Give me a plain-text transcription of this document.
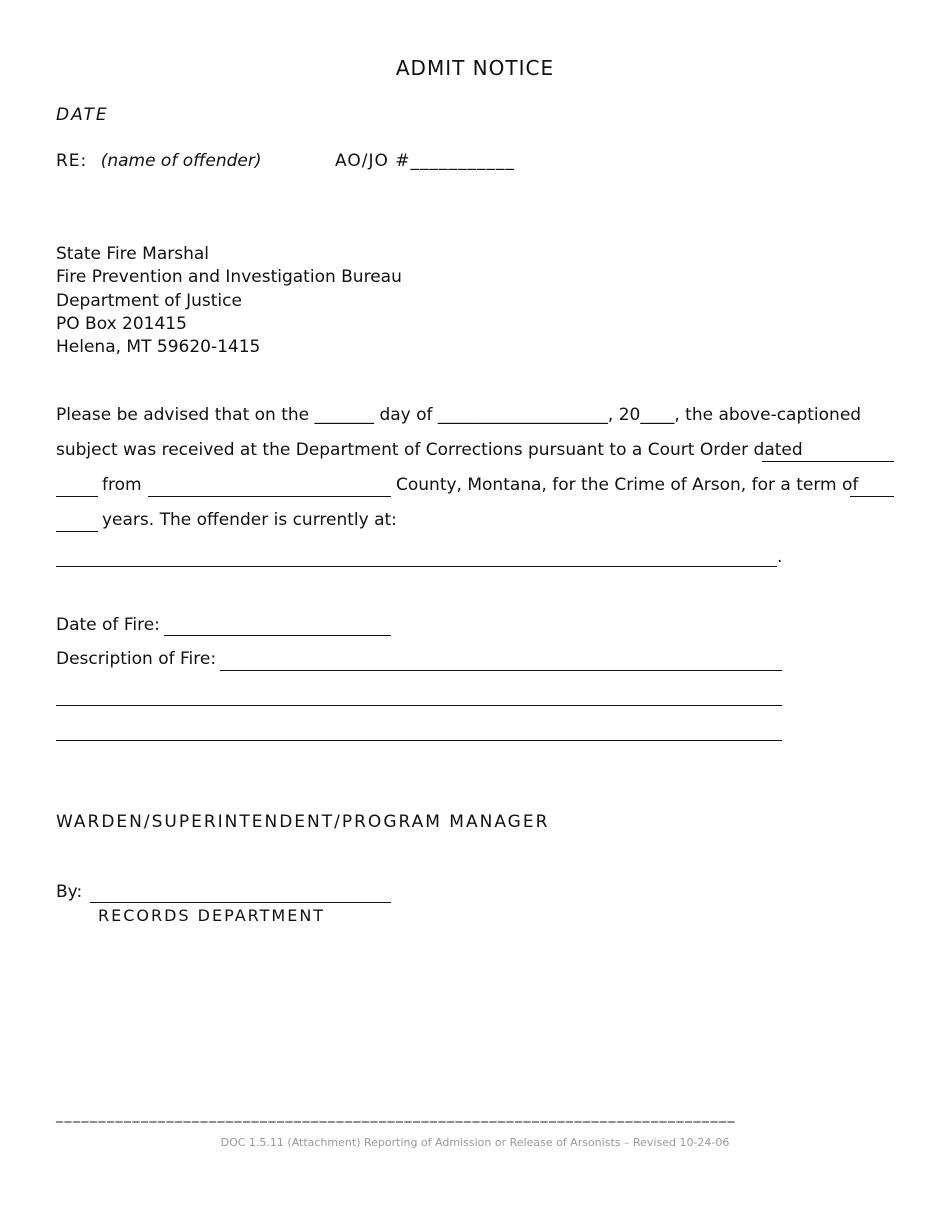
ADMIT NOTICE
DATE
RE: (name of offender)	AO/JO #___________
State Fire Marshal
Fire Prevention and Investigation Bureau
Department of Justice
PO Box 201415
Helena, MT 59620-1415
Please be advised that on the _______ day of ____________________, 20____, the above-captioned
subject was received at the Department of Corrections pursuant to a Court Order dated
from	County, Montana, for the Crime of Arson, for a term of
years. The offender is currently at:
.
Date of Fire:
Description of Fire:
WARDEN/SUPERINTENDENT/PROGRAM MANAGER
By:
RECORDS DEPARTMENT
________________________________________________________________________________
DOC 1.5.11 (Attachment) Reporting of Admission or Release of Arsonists – Revised 10-24-06
